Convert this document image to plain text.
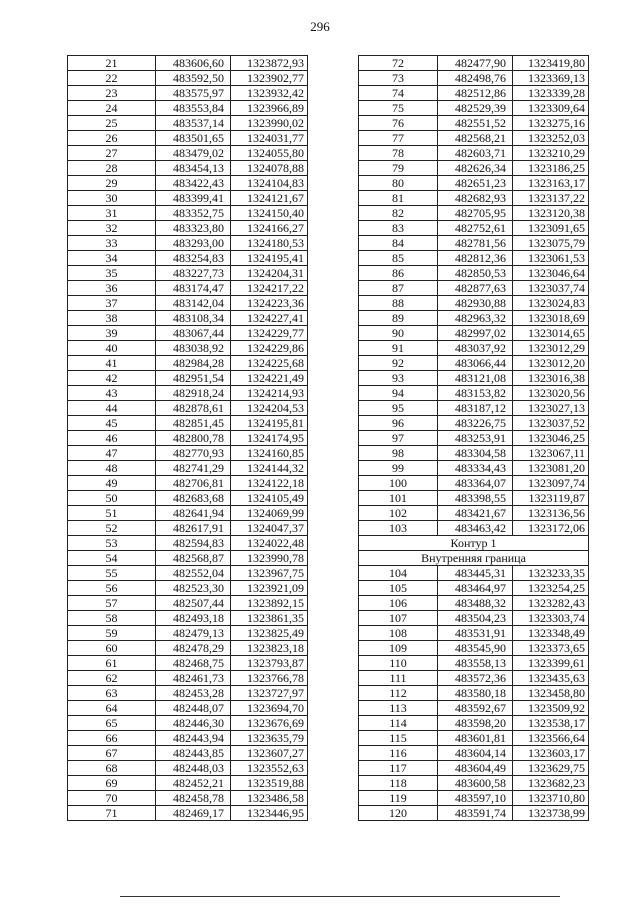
296
21	483606,60	1323872,93
22	483592,50	1323902,77
23	483575,97	1323932,42
24	483553,84	1323966,89
25	483537,14	1323990,02
26	483501,65	1324031,77
27	483479,02	1324055,80
28	483454,13	1324078,88
29	483422,43	1324104,83
30	483399,41	1324121,67
31	483352,75	1324150,40
32	483323,80	1324166,27
33	483293,00	1324180,53
34	483254,83	1324195,41
35	483227,73	1324204,31
36	483174,47	1324217,22
37	483142,04	1324223,36
38	483108,34	1324227,41
39	483067,44	1324229,77
40	483038,92	1324229,86
41	482984,28	1324225,68
42	482951,54	1324221,49
43	482918,24	1324214,93
44	482878,61	1324204,53
45	482851,45	1324195,81
46	482800,78	1324174,95
47	482770,93	1324160,85
48	482741,29	1324144,32
49	482706,81	1324122,18
50	482683,68	1324105,49
51	482641,94	1324069,99
52	482617,91	1324047,37
53	482594,83	1324022,48
54	482568,87	1323990,78
55	482552,04	1323967,75
56	482523,30	1323921,09
57	482507,44	1323892,15
58	482493,18	1323861,35
59	482479,13	1323825,49
60	482478,29	1323823,18
61	482468,75	1323793,87
62	482461,73	1323766,78
63	482453,28	1323727,97
64	482448,07	1323694,70
65	482446,30	1323676,69
66	482443,94	1323635,79
67	482443,85	1323607,27
68	482448,03	1323552,63
69	482452,21	1323519,88
70	482458,78	1323486,58
71	482469,17	1323446,95
72	482477,90	1323419,80
73	482498,76	1323369,13
74	482512,86	1323339,28
75	482529,39	1323309,64
76	482551,52	1323275,16
77	482568,21	1323252,03
78	482603,71	1323210,29
79	482626,34	1323186,25
80	482651,23	1323163,17
81	482682,93	1323137,22
82	482705,95	1323120,38
83	482752,61	1323091,65
84	482781,56	1323075,79
85	482812,36	1323061,53
86	482850,53	1323046,64
87	482877,63	1323037,74
88	482930,88	1323024,83
89	482963,32	1323018,69
90	482997,02	1323014,65
91	483037,92	1323012,29
92	483066,44	1323012,20
93	483121,08	1323016,38
94	483153,82	1323020,56
95	483187,12	1323027,13
96	483226,75	1323037,52
97	483253,91	1323046,25
98	483304,58	1323067,11
99	483334,43	1323081,20
100	483364,07	1323097,74
101	483398,55	1323119,87
102	483421,67	1323136,56
103	483463,42	1323172,06
Контур 1		
Внутренняя граница		
104	483445,31	1323233,35
105	483464,97	1323254,25
106	483488,32	1323282,43
107	483504,23	1323303,74
108	483531,91	1323348,49
109	483545,90	1323373,65
110	483558,13	1323399,61
111	483572,36	1323435,63
112	483580,18	1323458,80
113	483592,67	1323509,92
114	483598,20	1323538,17
115	483601,81	1323566,64
116	483604,14	1323603,17
117	483604,49	1323629,75
118	483600,58	1323682,23
119	483597,10	1323710,80
120	483591,74	1323738,99
